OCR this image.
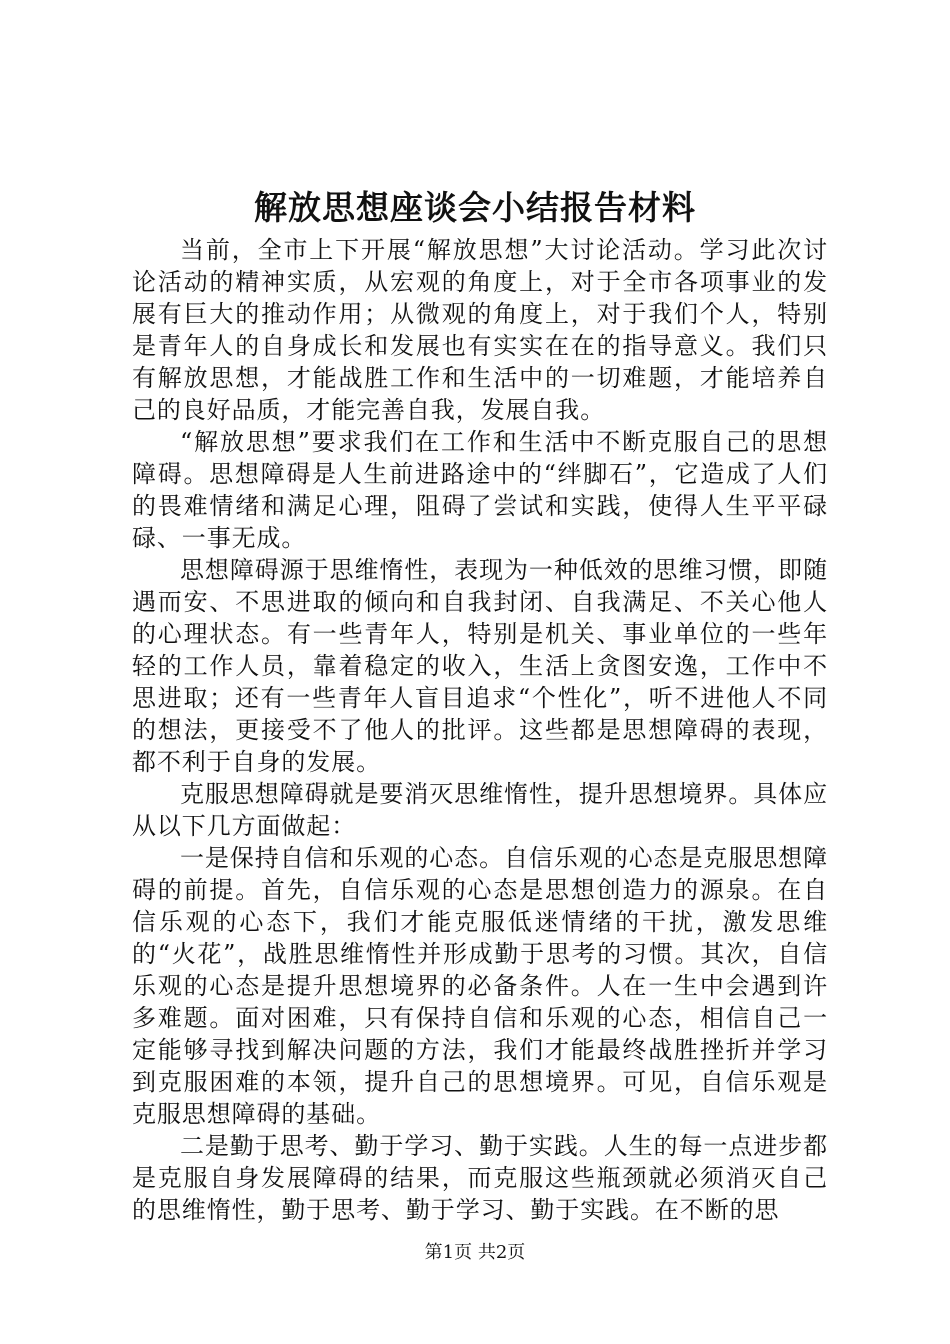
解放思想座谈会小结报告材料

当前，全市上下开展“解放思想”大讨论活动。学习此次讨论活动的精神实质，从宏观的角度上，对于全市各项事业的发展有巨大的推动作用；从微观的角度上，对于我们个人，特别是青年人的自身成长和发展也有实实在在的指导意义。我们只有解放思想，才能战胜工作和生活中的一切难题，才能培养自己的良好品质，才能完善自我，发展自我。

“解放思想”要求我们在工作和生活中不断克服自己的思想障碍。思想障碍是人生前进路途中的“绊脚石”，它造成了人们的畏难情绪和满足心理，阻碍了尝试和实践，使得人生平平碌碌、一事无成。

思想障碍源于思维惰性，表现为一种低效的思维习惯，即随遇而安、不思进取的倾向和自我封闭、自我满足、不关心他人的心理状态。有一些青年人，特别是机关、事业单位的一些年轻的工作人员，靠着稳定的收入，生活上贪图安逸，工作中不思进取；还有一些青年人盲目追求“个性化”，听不进他人不同的想法，更接受不了他人的批评。这些都是思想障碍的表现，都不利于自身的发展。

克服思想障碍就是要消灭思维惰性，提升思想境界。具体应从以下几方面做起：

一是保持自信和乐观的心态。自信乐观的心态是克服思想障碍的前提。首先，自信乐观的心态是思想创造力的源泉。在自信乐观的心态下，我们才能克服低迷情绪的干扰，激发思维的“火花”，战胜思维惰性并形成勤于思考的习惯。其次，自信乐观的心态是提升思想境界的必备条件。人在一生中会遇到许多难题。面对困难，只有保持自信和乐观的心态，相信自己一定能够寻找到解决问题的方法，我们才能最终战胜挫折并学习到克服困难的本领，提升自己的思想境界。可见，自信乐观是克服思想障碍的基础。

二是勤于思考、勤于学习、勤于实践。人生的每一点进步都是克服自身发展障碍的结果，而克服这些瓶颈就必须消灭自己的思维惰性，勤于思考、勤于学习、勤于实践。在不断的思

第1页 共2页
